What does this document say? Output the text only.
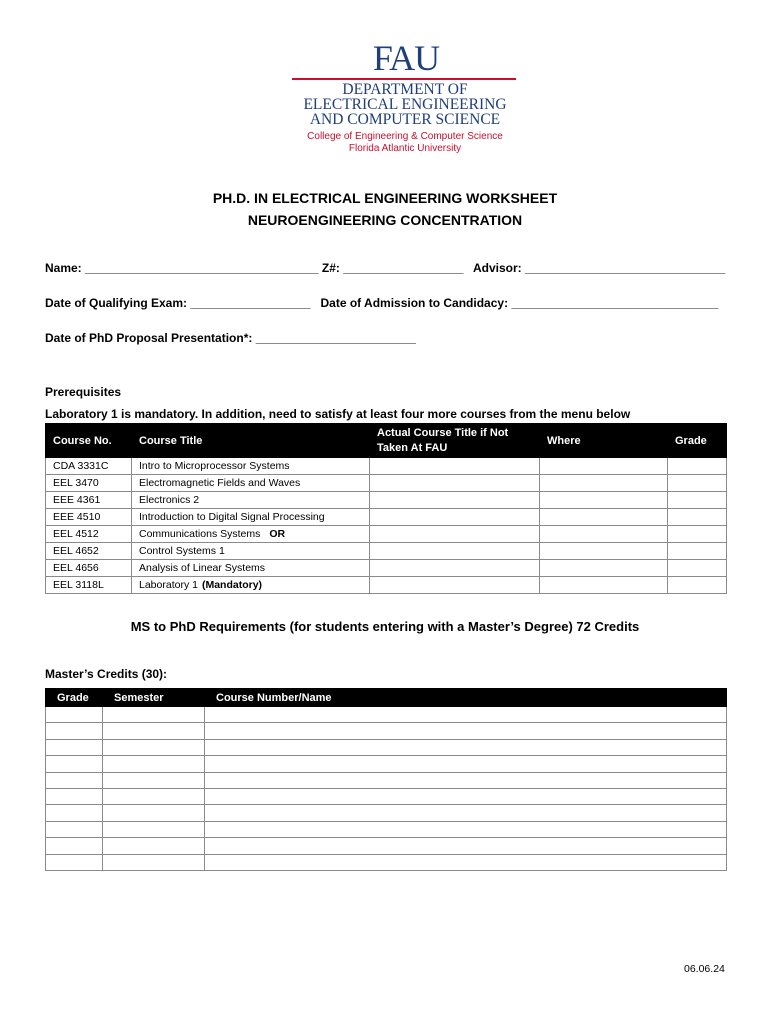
FAU
DEPARTMENT OF
ELECTRICAL ENGINEERING
AND COMPUTER SCIENCE
College of Engineering & Computer Science
Florida Atlantic University
PH.D. IN ELECTRICAL ENGINEERING WORKSHEET
NEUROENGINEERING CONCENTRATION
Name: ___________________________________ Z#: __________________   Advisor: ______________________________
Date of Qualifying Exam: __________________   Date of Admission to Candidacy: _______________________________
Date of PhD Proposal Presentation*: ________________________
Prerequisites
Laboratory 1 is mandatory. In addition, need to satisfy at least four more courses from the menu below
Course No.	Course Title	Actual Course Title if Not Taken At FAU	Where	Grade
CDA 3331C	Intro to Microprocessor Systems			
EEL 3470	Electromagnetic Fields and Waves			
EEE 4361	Electronics 2			
EEE 4510	Introduction to Digital Signal Processing			
EEL 4512	Communications Systems OR			
EEL 4652	Control Systems 1			
EEL 4656	Analysis of Linear Systems			
EEL 3118L	Laboratory 1 (Mandatory)			
MS to PhD Requirements (for students entering with a Master’s Degree) 72 Credits
Master’s Credits (30):
Grade	Semester	Course Number/Name

06.06.24
